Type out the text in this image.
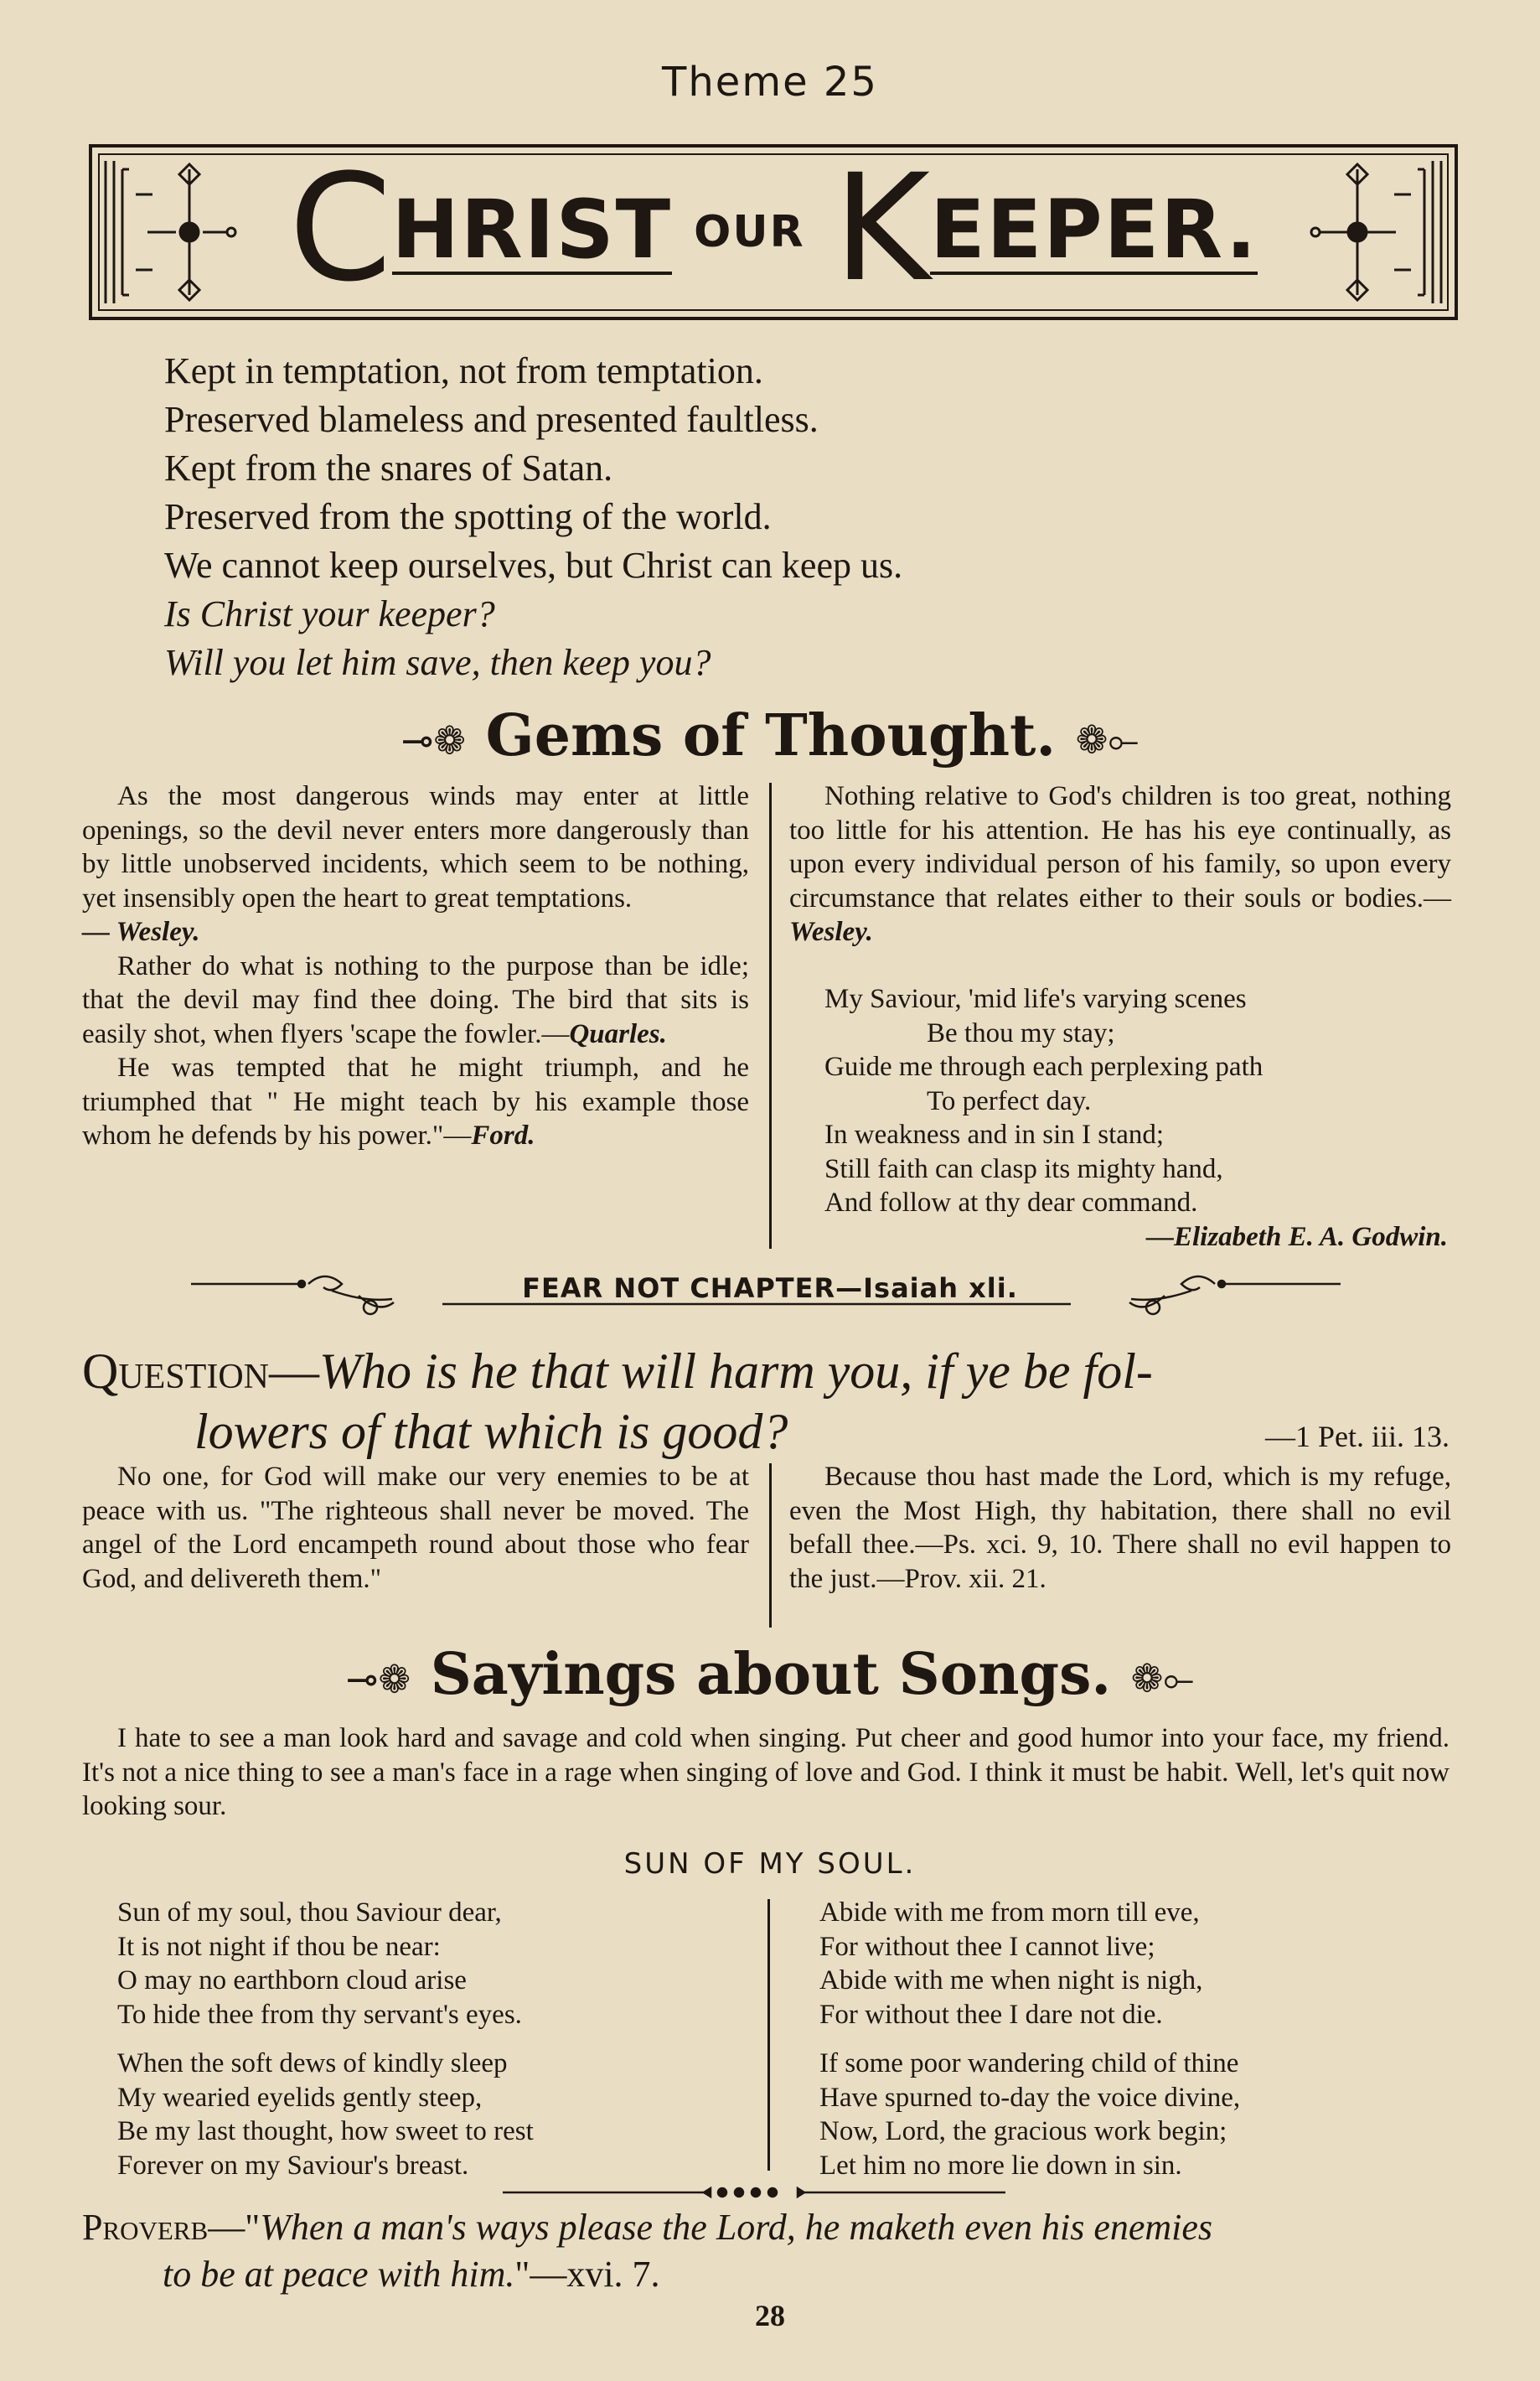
Theme 25
C HRIST OUR K EEPER.
Kept in temptation, not from temptation.
Preserved blameless and presented faultless.
Kept from the snares of Satan.
Preserved from the spotting of the world.
We cannot keep ourselves, but Christ can keep us.
Is Christ your keeper?
Will you let him save, then keep you?
⊸❁ Gems of Thought. ❁⟜

As the most dangerous winds may enter at little openings, so the devil never enters more dangerously than by little unobserved incidents, which seem to be nothing, yet insensibly open the heart to great temptations.
— Wesley.

Rather do what is nothing to the purpose than be idle; that the devil may find thee doing. The bird that sits is easily shot, when flyers 'scape the fowler.—Quarles.

He was tempted that he might triumph, and he triumphed that " He might teach by his example those whom he defends by his power."—Ford.

Nothing relative to God's children is too great, nothing too little for his attention. He has his eye continually, as upon every individual person of his family, so upon every circumstance that relates either to their souls or bodies.—Wesley.

My Saviour, 'mid life's varying scenes
Be thou my stay;
Guide me through each perplexing path
To perfect day.
In weakness and in sin I stand;
Still faith can clasp its mighty hand,
And follow at thy dear command.
—Elizabeth E. A. Godwin.
FEAR NOT CHAPTER—Isaiah xli.
Question—Who is he that will harm you, if ye be fol-
lowers of that which is good?	—1 Pet. iii. 13.

No one, for God will make our very enemies to be at peace with us. "The righteous shall never be moved. The angel of the Lord encampeth round about those who fear God, and delivereth them."

Because thou hast made the Lord, which is my refuge, even the Most High, thy habitation, there shall no evil befall thee.—Ps. xci. 9, 10. There shall no evil happen to the just.—Prov. xii. 21.

⊸❁ Sayings about Songs. ❁⟜
I hate to see a man look hard and savage and cold when singing. Put cheer and good humor into your face, my friend. It's not a nice thing to see a man's face in a rage when singing of love and God. I think it must be habit. Well, let's quit now looking sour.
SUN OF MY SOUL.
Sun of my soul, thou Saviour dear,
It is not night if thou be near:
O may no earthborn cloud arise
To hide thee from thy servant's eyes.
When the soft dews of kindly sleep
My wearied eyelids gently steep,
Be my last thought, how sweet to rest
Forever on my Saviour's breast.
Abide with me from morn till eve,
For without thee I cannot live;
Abide with me when night is nigh,
For without thee I dare not die.
If some poor wandering child of thine
Have spurned to-day the voice divine,
Now, Lord, the gracious work begin;
Let him no more lie down in sin.
Proverb—"When a man's ways please the Lord, he maketh even his enemies
to be at peace with him."—xvi. 7.
28
